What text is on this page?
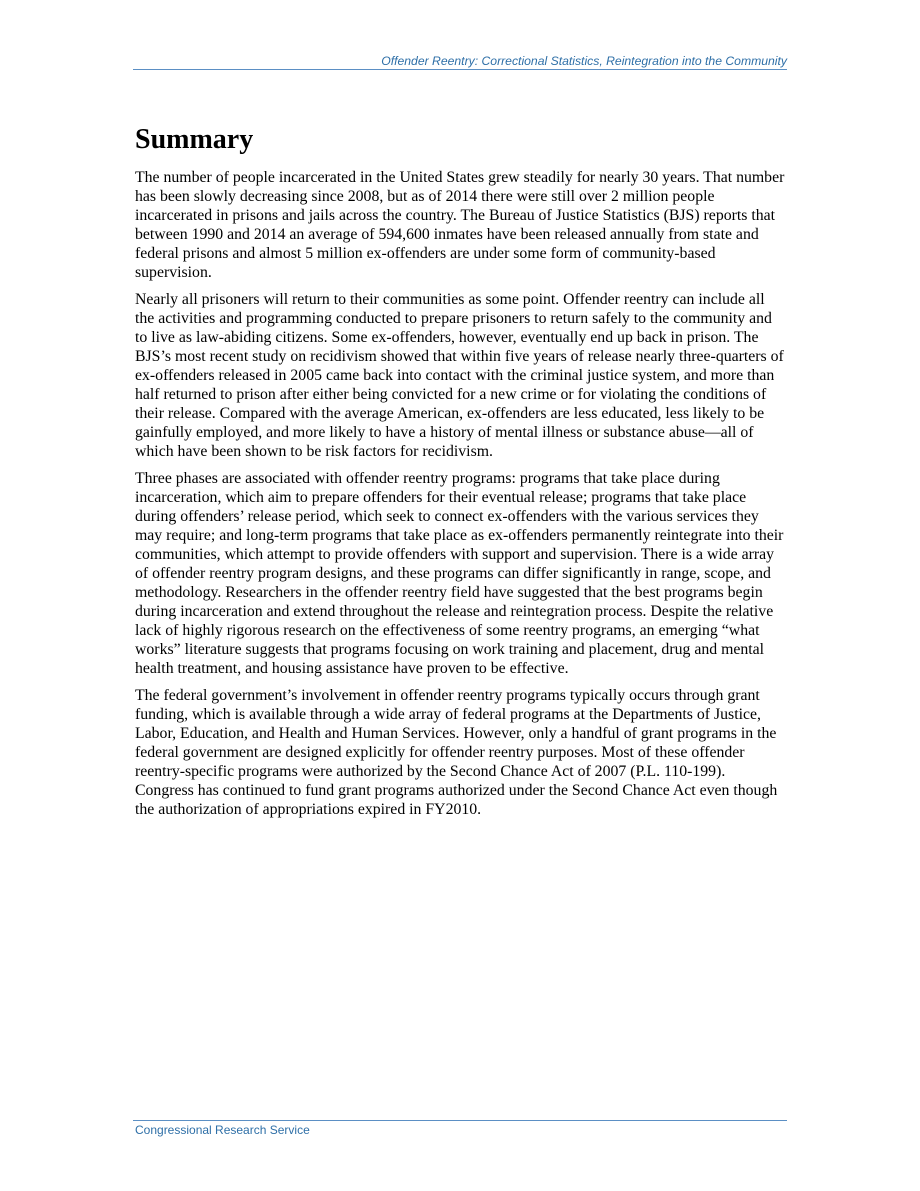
Offender Reentry: Correctional Statistics, Reintegration into the Community
Summary

The number of people incarcerated in the United States grew steadily for nearly 30 years. That number has been slowly decreasing since 2008, but as of 2014 there were still over 2 million people incarcerated in prisons and jails across the country. The Bureau of Justice Statistics (BJS) reports that between 1990 and 2014 an average of 594,600 inmates have been released annually from state and federal prisons and almost 5 million ex-offenders are under some form of community-based supervision.

Nearly all prisoners will return to their communities as some point. Offender reentry can include all the activities and programming conducted to prepare prisoners to return safely to the community and to live as law-abiding citizens. Some ex-offenders, however, eventually end up back in prison. The BJS’s most recent study on recidivism showed that within five years of release nearly three-quarters of ex-offenders released in 2005 came back into contact with the criminal justice system, and more than half returned to prison after either being convicted for a new crime or for violating the conditions of their release. Compared with the average American, ex-offenders are less educated, less likely to be gainfully employed, and more likely to have a history of mental illness or substance abuse—all of which have been shown to be risk factors for recidivism.

Three phases are associated with offender reentry programs: programs that take place during incarceration, which aim to prepare offenders for their eventual release; programs that take place during offenders’ release period, which seek to connect ex-offenders with the various services they may require; and long-term programs that take place as ex-offenders permanently reintegrate into their communities, which attempt to provide offenders with support and supervision. There is a wide array of offender reentry program designs, and these programs can differ significantly in range, scope, and methodology. Researchers in the offender reentry field have suggested that the best programs begin during incarceration and extend throughout the release and reintegration process. Despite the relative lack of highly rigorous research on the effectiveness of some reentry programs, an emerging “what works” literature suggests that programs focusing on work training and placement, drug and mental health treatment, and housing assistance have proven to be effective.

The federal government’s involvement in offender reentry programs typically occurs through grant funding, which is available through a wide array of federal programs at the Departments of Justice, Labor, Education, and Health and Human Services. However, only a handful of grant programs in the federal government are designed explicitly for offender reentry purposes. Most of these offender reentry-specific programs were authorized by the Second Chance Act of 2007 (P.L. 110-199). Congress has continued to fund grant programs authorized under the Second Chance Act even though the authorization of appropriations expired in FY2010.

Congressional Research Service
